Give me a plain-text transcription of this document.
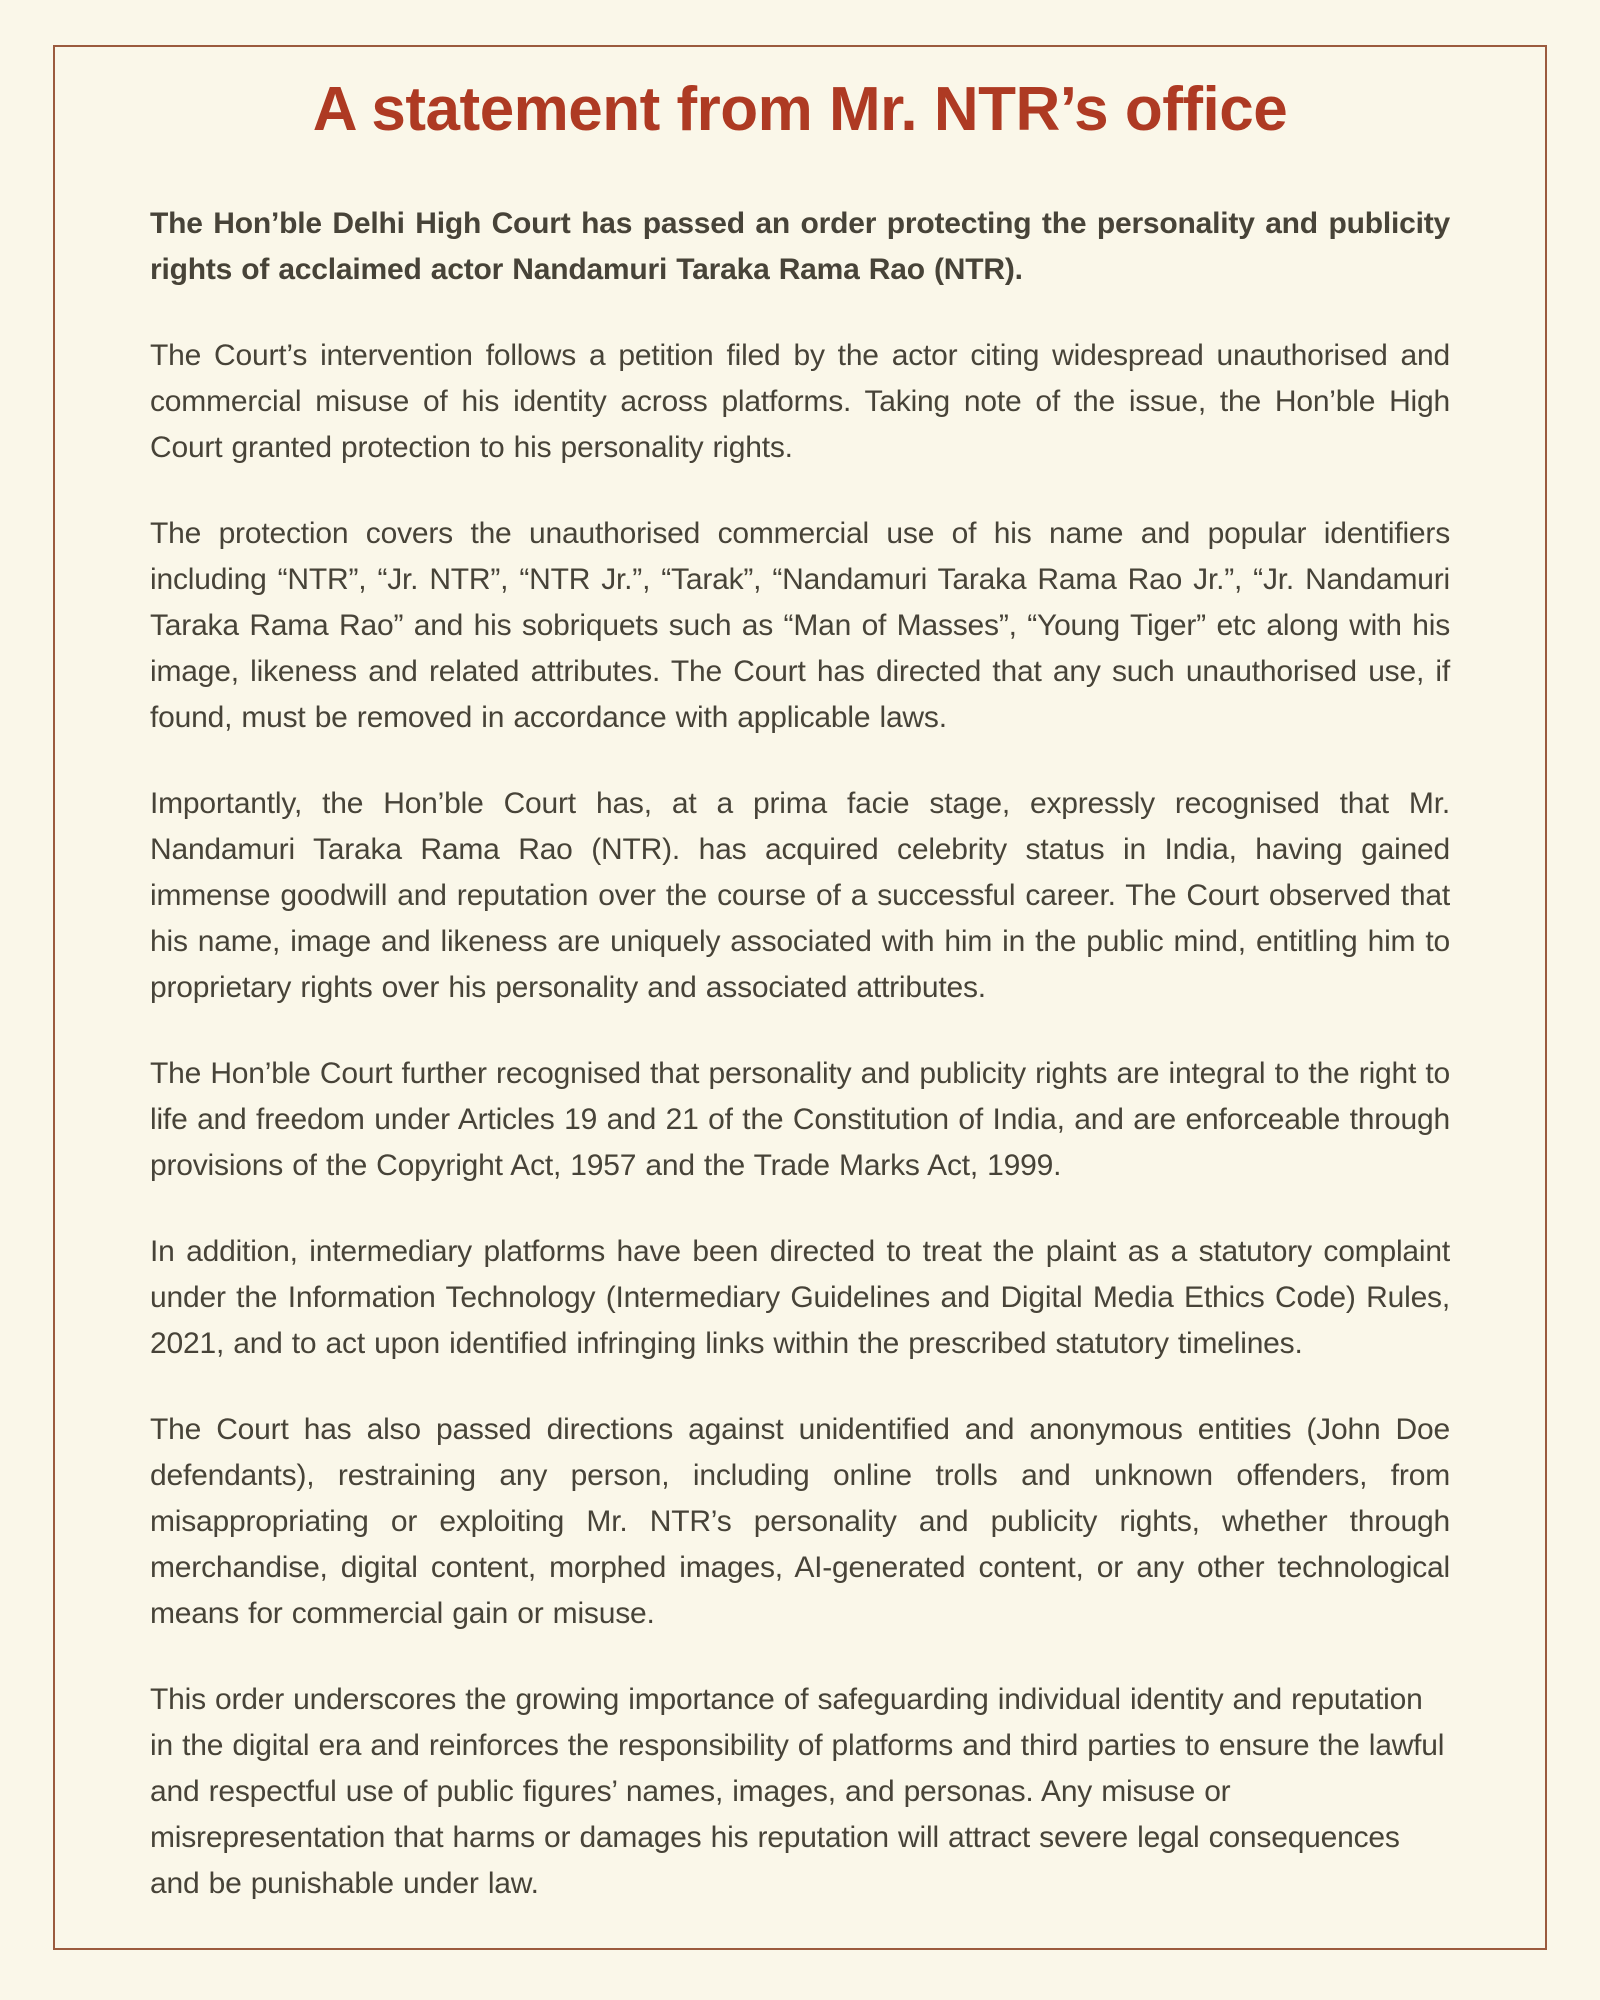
A statement from Mr. NTR’s office

The Hon’ble Delhi High Court has passed an order protecting the personality and publicity rights of acclaimed actor Nandamuri Taraka Rama Rao (NTR).

The Court’s intervention follows a petition filed by the actor citing widespread unauthorised and commercial misuse of his identity across platforms. Taking note of the issue, the Hon’ble High Court granted protection to his personality rights.

The protection covers the unauthorised commercial use of his name and popular identifiers including “NTR”, “Jr. NTR”, “NTR Jr.”, “Tarak”, “Nandamuri Taraka Rama Rao Jr.”, “Jr. Nandamuri Taraka Rama Rao” and his sobriquets such as “Man of Masses”, “Young Tiger” etc along with his image, likeness and related attributes. The Court has directed that any such unauthorised use, if found, must be removed in accordance with applicable laws.

Importantly, the Hon’ble Court has, at a prima facie stage, expressly recognised that Mr. Nandamuri Taraka Rama Rao (NTR). has acquired celebrity status in India, having gained immense goodwill and reputation over the course of a successful career. The Court observed that his name, image and likeness are uniquely associated with him in the public mind, entitling him to proprietary rights over his personality and associated attributes.

The Hon’ble Court further recognised that personality and publicity rights are integral to the right to life and freedom under Articles 19 and 21 of the Constitution of India, and are enforceable through provisions of the Copyright Act, 1957 and the Trade Marks Act, 1999.

In addition, intermediary platforms have been directed to treat the plaint as a statutory complaint under the Information Technology (Intermediary Guidelines and Digital Media Ethics Code) Rules, 2021, and to act upon identified infringing links within the prescribed statutory timelines.

The Court has also passed directions against unidentified and anonymous entities (John Doe defendants), restraining any person, including online trolls and unknown offenders, from misappropriating or exploiting Mr. NTR’s personality and publicity rights, whether through merchandise, digital content, morphed images, AI-generated content, or any other technological means for commercial gain or misuse.

This order underscores the growing importance of safeguarding individual identity and reputation in the digital era and reinforces the responsibility of platforms and third parties to ensure the lawful and respectful use of public figures’ names, images, and personas. Any misuse or misrepresentation that harms or damages his reputation will attract severe legal consequences and be punishable under law.
